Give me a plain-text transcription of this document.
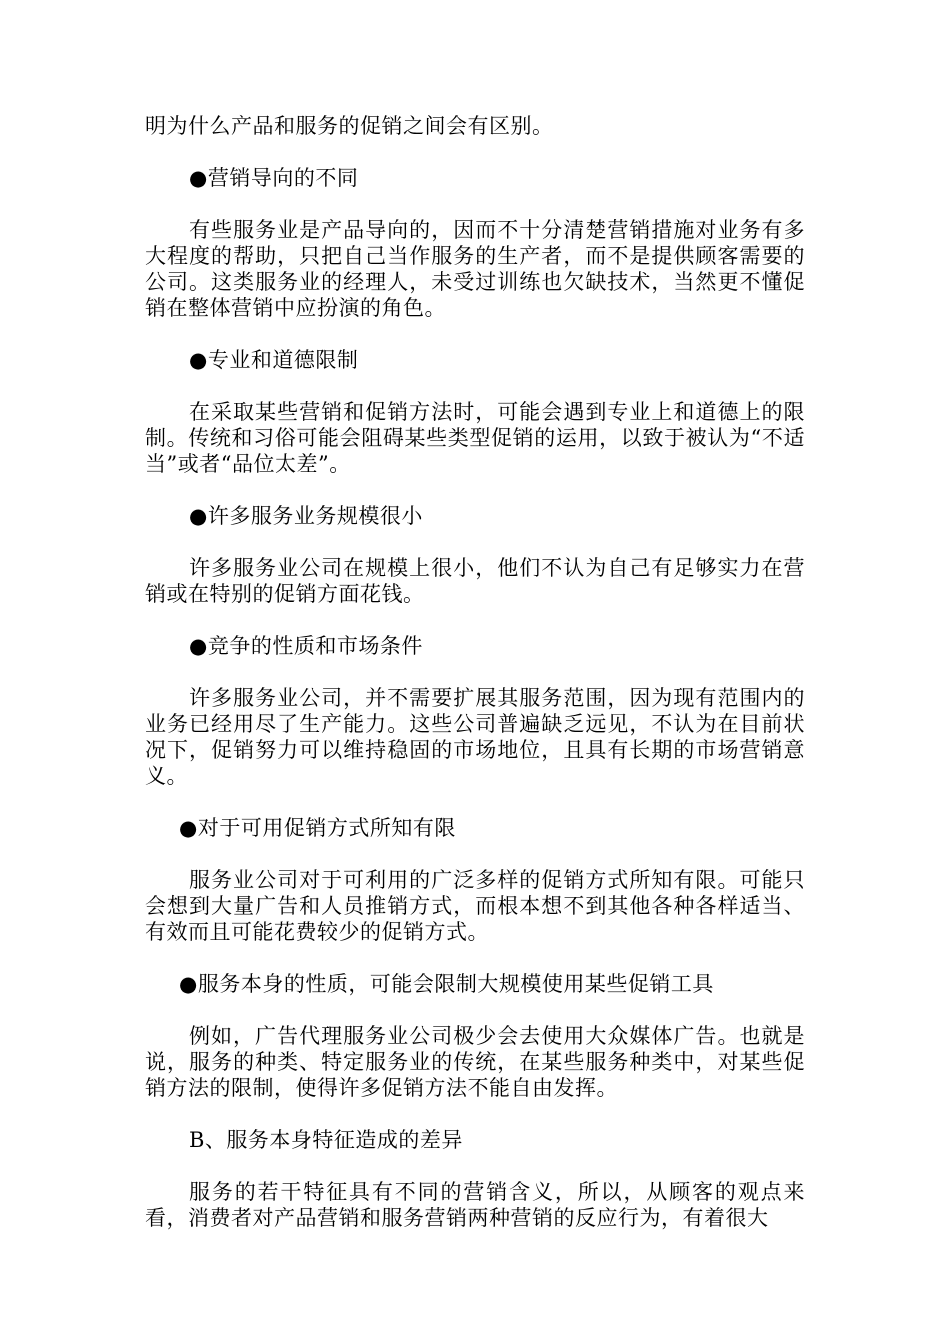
明为什么产品和服务的促销之间会有区别。

●营销导向的不同

有些服务业是产品导向的，因而不十分清楚营销措施对业务有多大程度的帮助，只把自己当作服务的生产者，而不是提供顾客需要的公司。这类服务业的经理人，未受过训练也欠缺技术，当然更不懂促销在整体营销中应扮演的角色。

●专业和道德限制

在采取某些营销和促销方法时，可能会遇到专业上和道德上的限制。传统和习俗可能会阻碍某些类型促销的运用，以致于被认为“不适当”或者“品位太差”。

●许多服务业务规模很小

许多服务业公司在规模上很小，他们不认为自己有足够实力在营销或在特别的促销方面花钱。

●竞争的性质和市场条件

许多服务业公司，并不需要扩展其服务范围，因为现有范围内的业务已经用尽了生产能力。这些公司普遍缺乏远见，不认为在目前状况下，促销努力可以维持稳固的市场地位，且具有长期的市场营销意义。

●对于可用促销方式所知有限

服务业公司对于可利用的广泛多样的促销方式所知有限。可能只会想到大量广告和人员推销方式，而根本想不到其他各种各样适当、有效而且可能花费较少的促销方式。

●服务本身的性质，可能会限制大规模使用某些促销工具

例如，广告代理服务业公司极少会去使用大众媒体广告。也就是说，服务的种类、特定服务业的传统，在某些服务种类中，对某些促销方法的限制，使得许多促销方法不能自由发挥。

B、服务本身特征造成的差异

服务的若干特征具有不同的营销含义，所以，从顾客的观点来看，消费者对产品营销和服务营销两种营销的反应行为，有着很大
